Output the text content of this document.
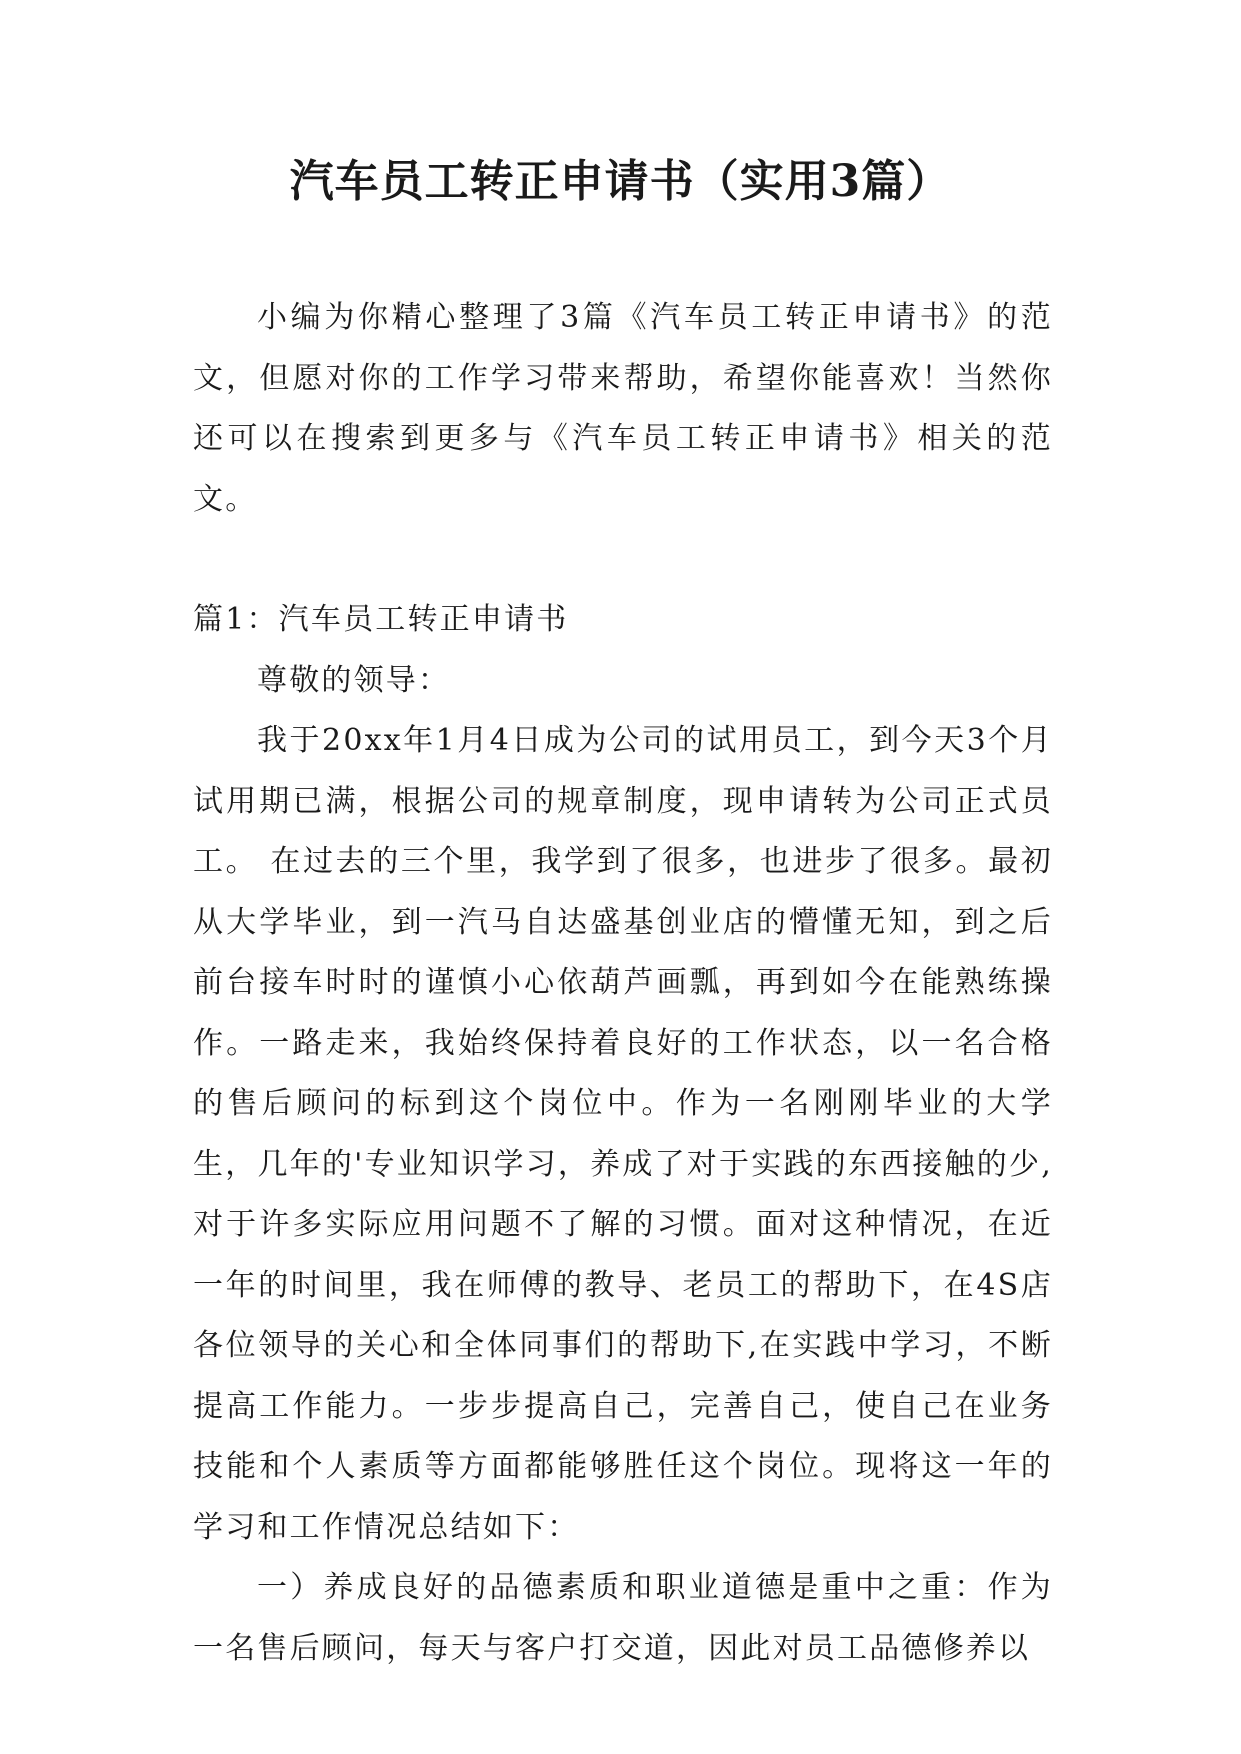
汽车员工转正申请书（实用3篇）

小编为你精心整理了3篇《汽车员工转正申请书》的范文，但愿对你的工作学习带来帮助，希望你能喜欢！当然你还可以在搜索到更多与《汽车员工转正申请书》相关的范文。

篇1：汽车员工转正申请书

尊敬的领导：

我于20xx年1月4日成为公司的试用员工，到今天3个月试用期已满，根据公司的规章制度，现申请转为公司正式员工。 在过去的三个里，我学到了很多，也进步了很多。最初从大学毕业，到一汽马自达盛基创业店的懵懂无知，到之后前台接车时时的谨慎小心依葫芦画瓢，再到如今在能熟练操作。一路走来，我始终保持着良好的工作状态，以一名合格的售后顾问的标到这个岗位中。作为一名刚刚毕业的大学生，几年的'专业知识学习，养成了对于实践的东西接触的少,对于许多实际应用问题不了解的习惯。面对这种情况，在近一年的时间里，我在师傅的教导、老员工的帮助下，在4S店各位领导的关心和全体同事们的帮助下,在实践中学习，不断提高工作能力。一步步提高自己，完善自己，使自己在业务技能和个人素质等方面都能够胜任这个岗位。现将这一年的学习和工作情况总结如下：

一）养成良好的品德素质和职业道德是重中之重：作为一名售后顾问，每天与客户打交道，因此对员工品德修养以
